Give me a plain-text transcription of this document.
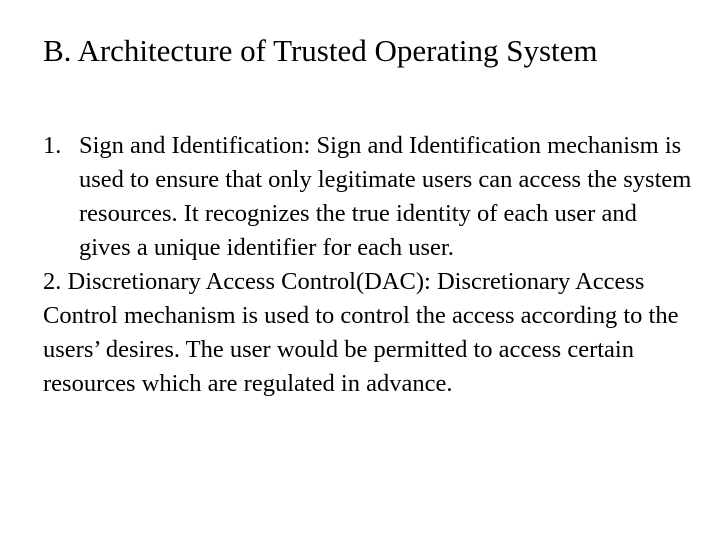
B. Architecture of Trusted Operating System
1. Sign and Identification: Sign and Identification mechanism is used to ensure that only legitimate users can access the system resources. It recognizes the true identity of each user and gives a unique identifier for each user.
2. Discretionary Access Control(DAC): Discretionary Access Control mechanism is used to control the access according to the users’ desires. The user would be permitted to access certain resources which are regulated in advance.
